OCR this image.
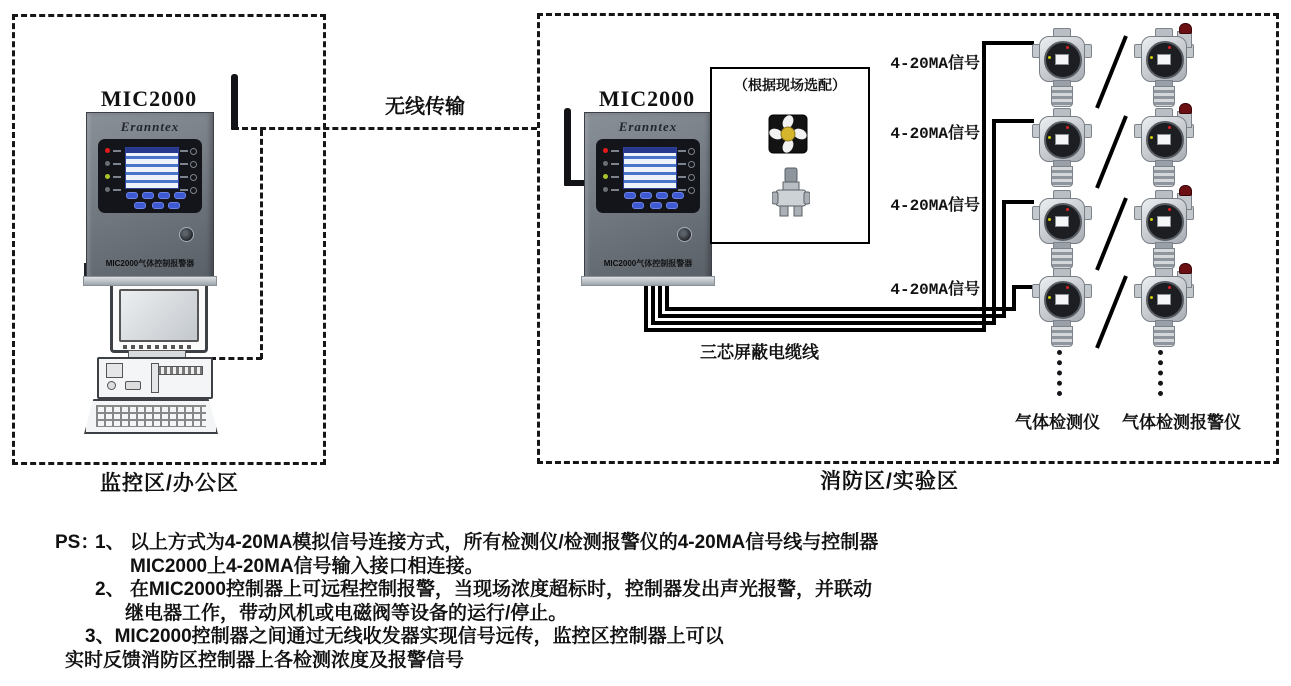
无线传输
MIC2000
Eranntex
MIC2000气体控制报警器
监控区/办公区
MIC2000
Eranntex
MIC2000气体控制报警器
（根据现场选配）
4-20MA信号
4-20MA信号
4-20MA信号
4-20MA信号
三芯屏蔽电缆线
气体检测仪 气体检测报警仪
消防区/实验区
PS：
1、 以上方式为4-20MA模拟信号连接方式，所有检测仪/检测报警仪的4-20MA信号线与控制器
MIC2000上4-20MA信号输入接口相连接。
2、 在MIC2000控制器上可远程控制报警，当现场浓度超标时，控制器发出声光报警，并联动
继电器工作，带动风机或电磁阀等设备的运行/停止。
3、MIC2000控制器之间通过无线收发器实现信号远传，监控区控制器上可以
实时反馈消防区控制器上各检测浓度及报警信号
